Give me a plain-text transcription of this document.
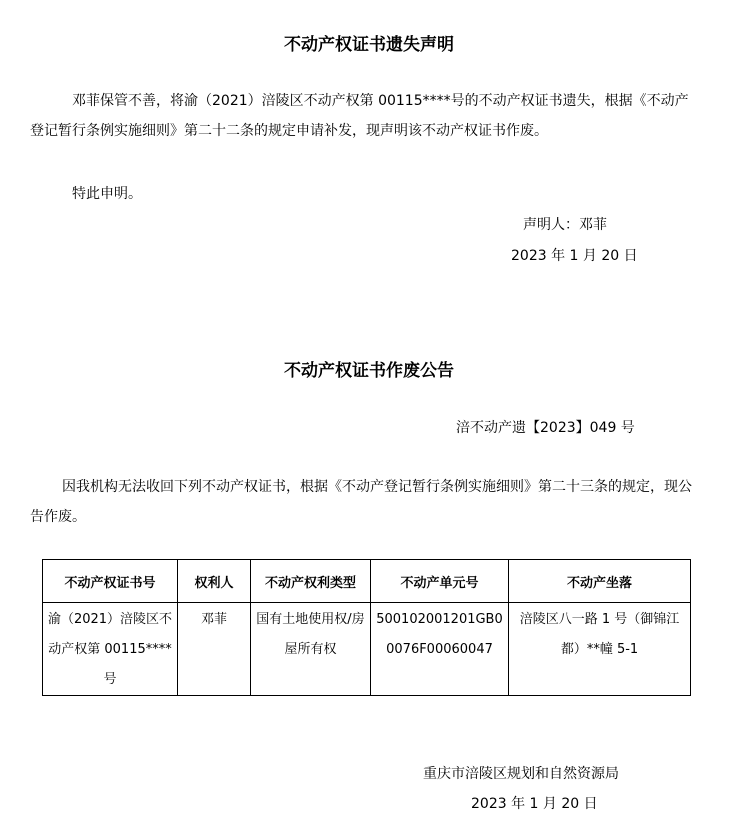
不动产权证书遗失声明
邓菲保管不善，将渝（2021）涪陵区不动产权第 00115****号的不动产权证书遗失，根据《不动产登记暂行条例实施细则》第二十二条的规定申请补发，现声明该不动产权证书作废。
特此申明。
声明人：邓菲
2023 年 1 月 20 日
不动产权证书作废公告
涪不动产遗【2023】049 号
因我机构无法收回下列不动产权证书，根据《不动产登记暂行条例实施细则》第二十三条的规定，现公告作废。
不动产权证书号	权利人	不动产权利类型	不动产单元号	不动产坐落
渝（2021）涪陵区不动产权第 00115****号	邓菲	国有土地使用权/房屋所有权	500102001201GB00076F00060047	涪陵区八一路 1 号（御锦江都）**幢 5-1
重庆市涪陵区规划和自然资源局
2023 年 1 月 20 日
